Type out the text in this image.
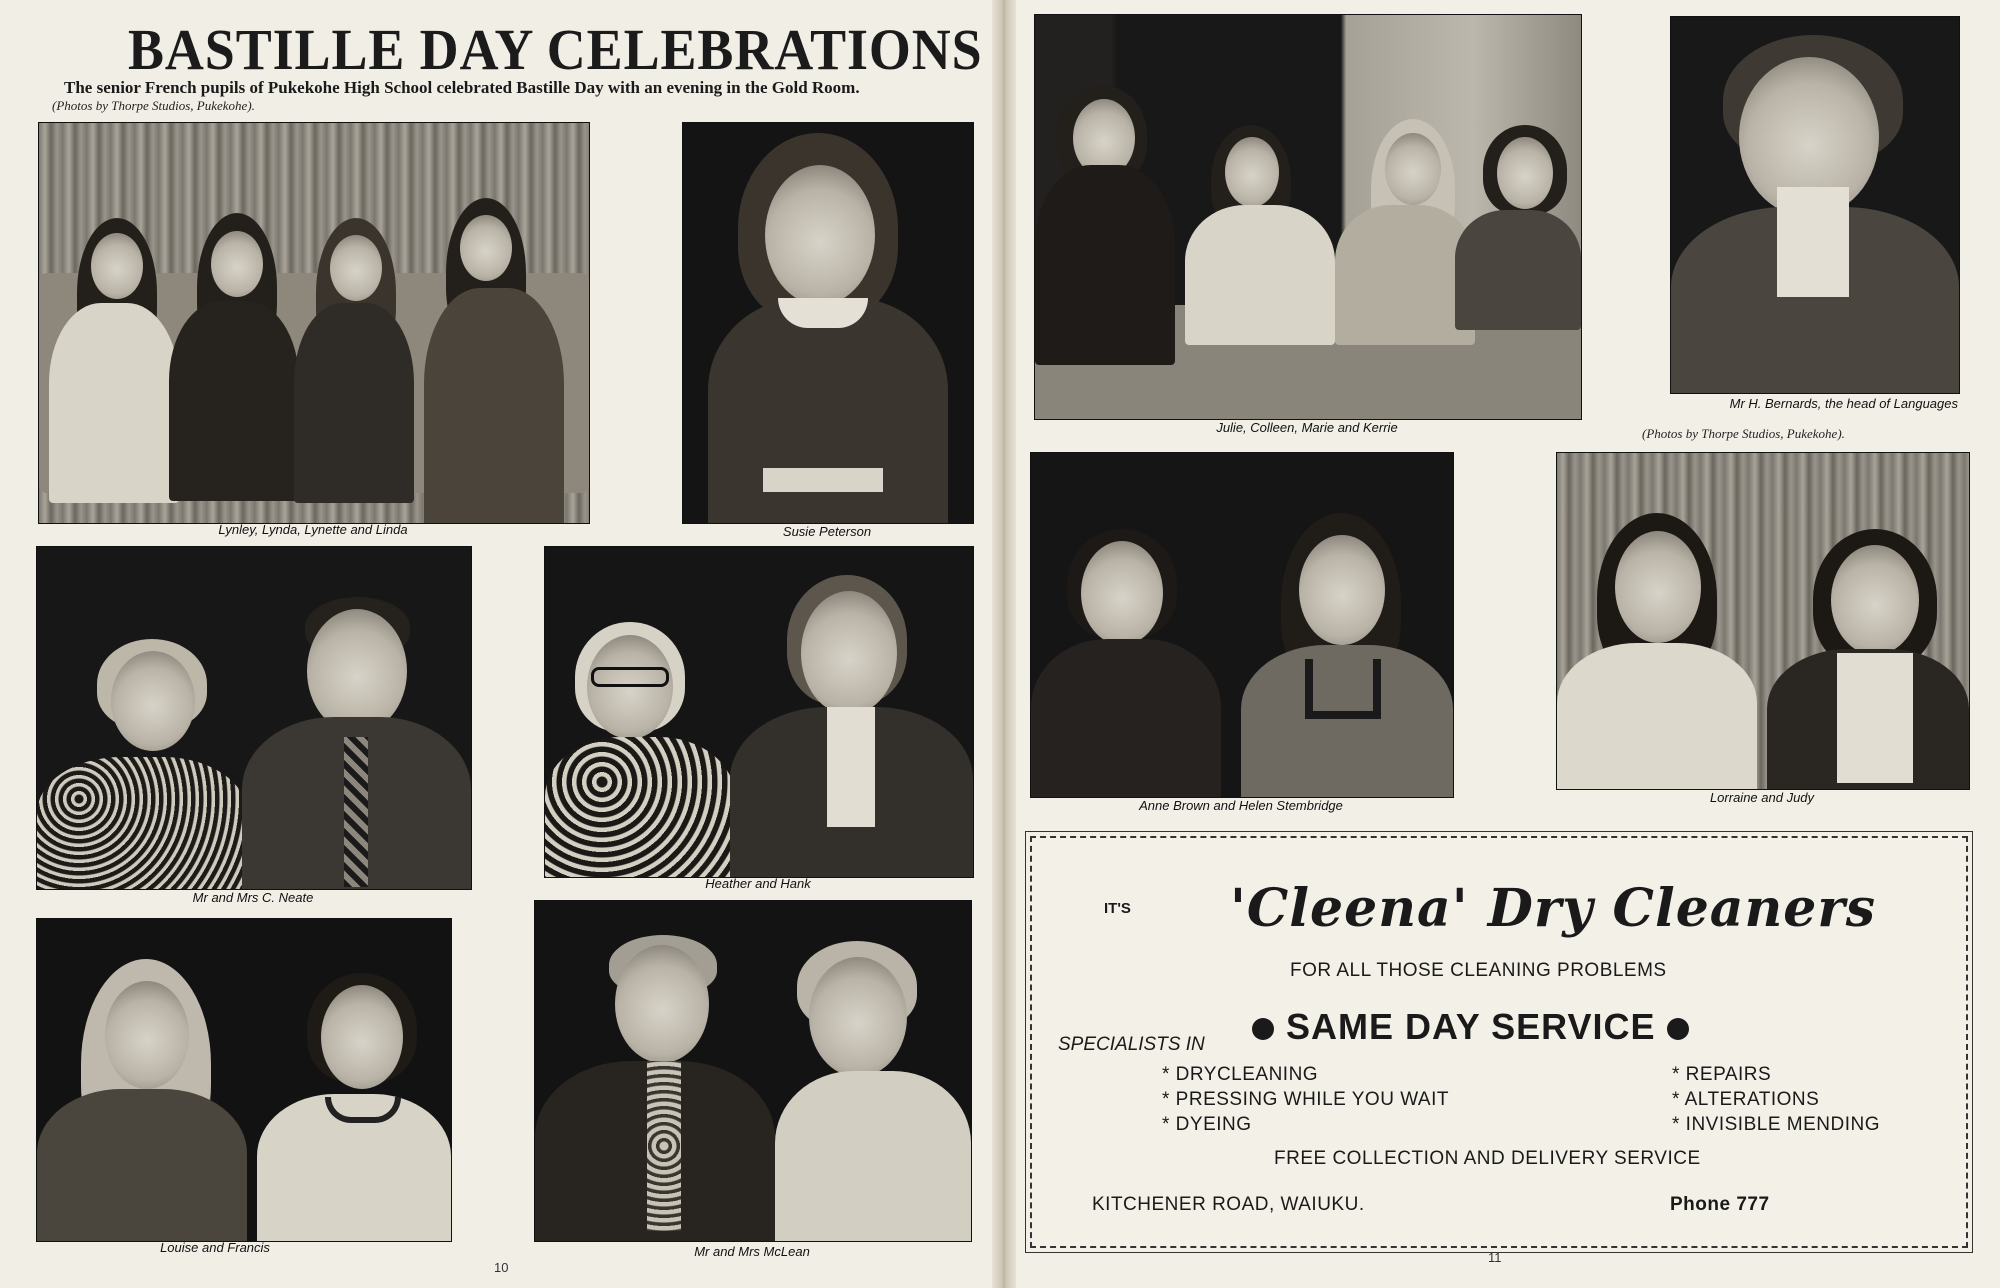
BASTILLE DAY CELEBRATIONS
The senior French pupils of Pukekohe High School celebrated Bastille Day with an evening in the Gold Room.
(Photos by Thorpe Studios, Pukekohe).
Lynley, Lynda, Lynette and Linda	Susie Peterson
Mr and Mrs C. Neate
Heather and Hank
Louise and Francis	Mr and Mrs McLean
10
Julie, Colleen, Marie and Kerrie
Mr H. Bernards, the head of Languages
(Photos by Thorpe Studios, Pukekohe).
Anne Brown and Helen Stembridge
Lorraine and Judy
IT'S 'Cleena' Dry Cleaners
FOR ALL THOSE CLEANING PROBLEMS
SPECIALISTS IN	SAME DAY SERVICE
* DRYCLEANING
* PRESSING WHILE YOU WAIT
* DYEING
* REPAIRS
* ALTERATIONS
* INVISIBLE MENDING
FREE COLLECTION AND DELIVERY SERVICE
KITCHENER ROAD, WAIUKU.	Phone 777
11
